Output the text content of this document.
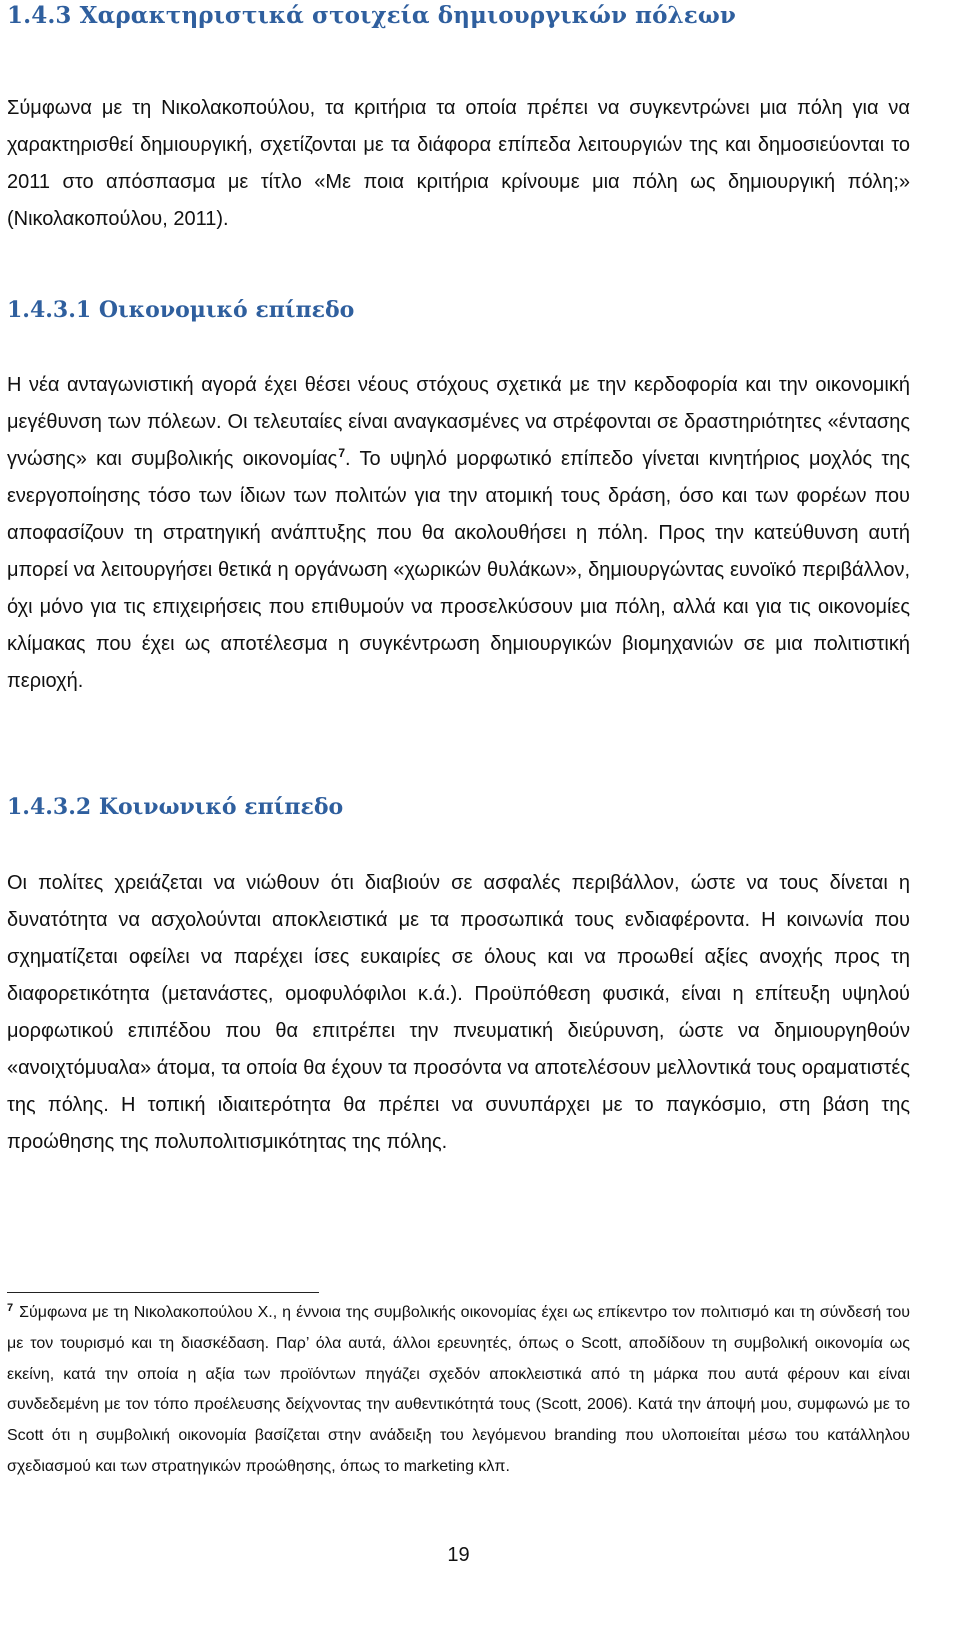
1.4.3 Χαρακτηριστικά στοιχεία δημιουργικών πόλεων

Σύμφωνα με τη Νικολακοπούλου, τα κριτήρια τα οποία πρέπει να συγκεντρώνει μια πόλη για να χαρακτηρισθεί δημιουργική, σχετίζονται με τα διάφορα επίπεδα λειτουργιών της και δημοσιεύονται το 2011 στο απόσπασμα με τίτλο «Με ποια κριτήρια κρίνουμε μια πόλη ως δημιουργική πόλη;» (Νικολακοπούλου, 2011).

1.4.3.1 Οικονομικό επίπεδο

Η νέα ανταγωνιστική αγορά έχει θέσει νέους στόχους σχετικά με την κερδοφορία και την οικονομική μεγέθυνση των πόλεων. Οι τελευταίες είναι αναγκασμένες να στρέφονται σε δραστηριότητες «έντασης γνώσης» και συμβολικής οικονομίας$^7$. Το υψηλό μορφωτικό επίπεδο γίνεται κινητήριος μοχλός της ενεργοποίησης τόσο των ίδιων των πολιτών για την ατομική τους δράση, όσο και των φορέων που αποφασίζουν τη στρατηγική ανάπτυξης που θα ακολουθήσει η πόλη. Προς την κατεύθυνση αυτή μπορεί να λειτουργήσει θετικά η οργάνωση «χωρικών θυλάκων», δημιουργώντας ευνοϊκό περιβάλλον, όχι μόνο για τις επιχειρήσεις που επιθυμούν να προσελκύσουν μια πόλη, αλλά και για τις οικονομίες κλίμακας που έχει ως αποτέλεσμα η συγκέντρωση δημιουργικών βιομηχανιών σε μια πολιτιστική περιοχή.

1.4.3.2 Κοινωνικό επίπεδο

Οι πολίτες χρειάζεται να νιώθουν ότι διαβιούν σε ασφαλές περιβάλλον, ώστε να τους δίνεται η δυνατότητα να ασχολούνται αποκλειστικά με τα προσωπικά τους ενδιαφέροντα. Η κοινωνία που σχηματίζεται οφείλει να παρέχει ίσες ευκαιρίες σε όλους και να προωθεί αξίες ανοχής προς τη διαφορετικότητα (μετανάστες, ομοφυλόφιλοι κ.ά.). Προϋπόθεση φυσικά, είναι η επίτευξη υψηλού μορφωτικού επιπέδου που θα επιτρέπει την πνευματική διεύρυνση, ώστε να δημιουργηθούν «ανοιχτόμυαλα» άτομα, τα οποία θα έχουν τα προσόντα να αποτελέσουν μελλοντικά τους οραματιστές της πόλης. Η τοπική ιδιαιτερότητα θα πρέπει να συνυπάρχει με το παγκόσμιο, στη βάση της προώθησης της πολυπολιτισμικότητας της πόλης.

$^7$ Σύμφωνα με τη Νικολακοπούλου Χ., η έννοια της συμβολικής οικονομίας έχει ως επίκεντρο τον πολιτισμό και τη σύνδεσή του με τον τουρισμό και τη διασκέδαση. Παρ’ όλα αυτά, άλλοι ερευνητές, όπως ο Scott, αποδίδουν τη συμβολική οικονομία ως εκείνη, κατά την οποία η αξία των προϊόντων πηγάζει σχεδόν αποκλειστικά από τη μάρκα που αυτά φέρουν και είναι συνδεδεμένη με τον τόπο προέλευσης δείχνοντας την αυθεντικότητά τους (Scott, 2006). Κατά την άποψή μου, συμφωνώ με το Scott ότι η συμβολική οικονομία βασίζεται στην ανάδειξη του λεγόμενου branding που υλοποιείται μέσω του κατάλληλου σχεδιασμού και των στρατηγικών προώθησης, όπως το marketing κλπ.

19
